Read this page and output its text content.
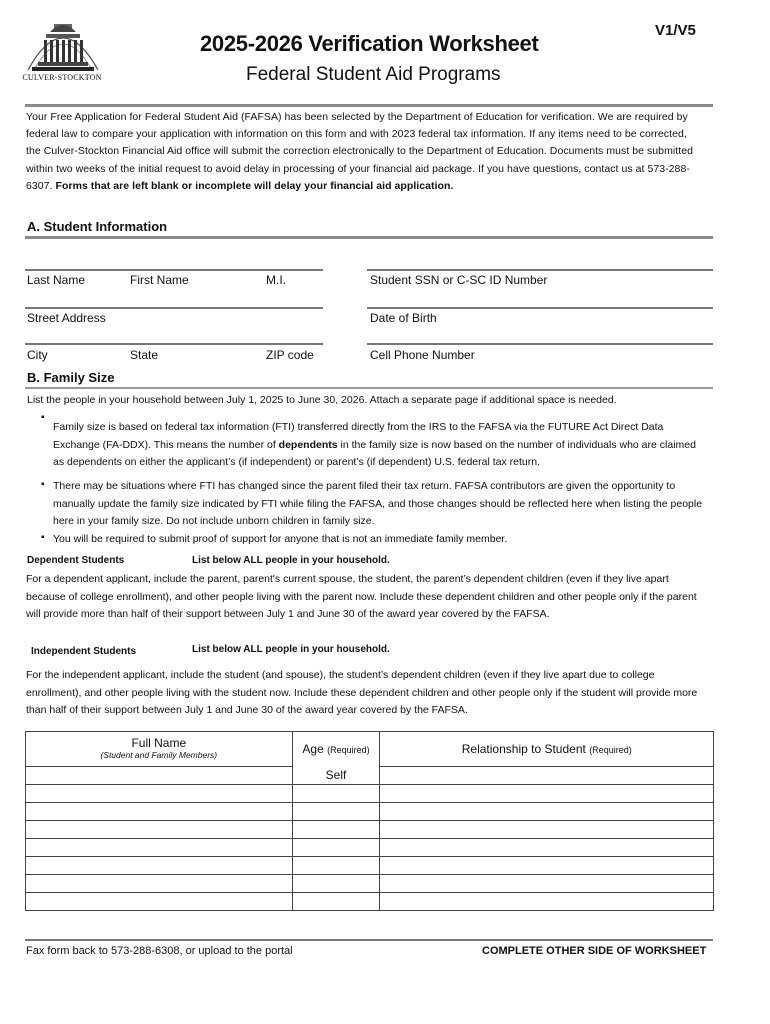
CULVER-STOCKTON
2025-2026 Verification Worksheet
Federal Student Aid Programs
V1/V5
Your Free Application for Federal Student Aid (FAFSA) has been selected by the Department of Education for verification. We are required by federal law to compare your application with information on this form and with 2023 federal tax information. If any items need to be corrected, the Culver-Stockton Financial Aid office will submit the correction electronically to the Department of Education. Documents must be submitted within two weeks of the initial request to avoid delay in processing of your financial aid package. If you have questions, contact us at 573-288-6307. Forms that are left blank or incomplete will delay your financial aid application.
A. Student Information
Last Name	First Name	M.I.	Student SSN or C-SC ID Number
Street Address	Date of Birth
City	State	ZIP code	Cell Phone Number
B. Family Size
List the people in your household between July 1, 2025 to June 30, 2026. Attach a separate page if additional space is needed.
▪
Family size is based on federal tax information (FTI) transferred directly from the IRS to the FAFSA via the FUTURE Act Direct Data Exchange (FA-DDX). This means the number of dependents in the family size is now based on the number of individuals who are claimed as dependents on either the applicant’s (if independent) or parent’s (if dependent) U.S. federal tax return.
▪ There may be situations where FTI has changed since the parent filed their tax return. FAFSA contributors are given the opportunity to manually update the family size indicated by FTI while filing the FAFSA, and those changes should be reflected here when listing the people here in your family size. Do not include unborn children in family size.
▪ You will be required to submit proof of support for anyone that is not an immediate family member.
Dependent Students	List below ALL people in your household.
For a dependent applicant, include the parent, parent's current spouse, the student, the parent’s dependent children (even if they live apart because of college enrollment), and other people living with the parent now. Include these dependent children and other people only if the parent will provide more than half of their support between July 1 and June 30 of the award year covered by the FAFSA.
Independent Students	List below ALL people in your household.
For the independent applicant, include the student (and spouse), the student’s dependent children (even if they live apart due to college enrollment), and other people living with the student now. Include these dependent children and other people only if the student will provide more than half of their support between July 1 and June 30 of the award year covered by the FAFSA.
Full Name
(Student and Family Members)	Age (Required)	Relationship to Student (Required)
	Self	

Fax form back to 573-288-6308, or upload to the portal	COMPLETE OTHER SIDE OF WORKSHEET
